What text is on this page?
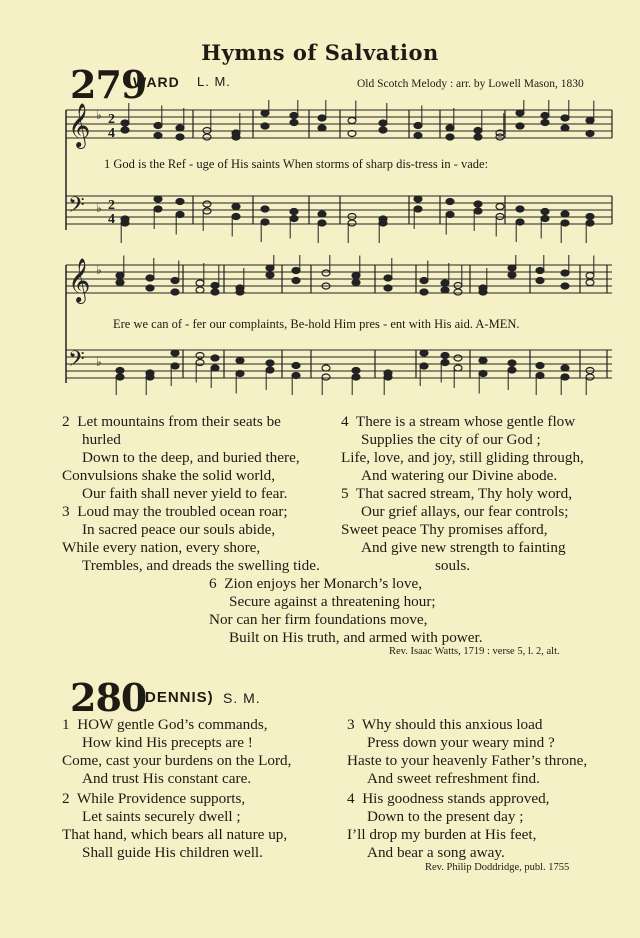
Hymns of Salvation
279
WARD L. M.	Old Scotch Melody : arr. by Lowell Mason, 1830
𝄞 ♭ 2
4
𝄢 ♭ 2
4
1 God is the Ref - uge of His saints When storms of sharp dis-tress in - vade:
𝄞 ♭
𝄢 ♭
Ere we can of - fer our complaints, Be-hold Him pres - ent with His aid. A-MEN.
2 Let mountains from their seats be
hurled
Down to the deep, and buried there,
Convulsions shake the solid world,
Our faith shall never yield to fear.
3 Loud may the troubled ocean roar;
In sacred peace our souls abide,
While every nation, every shore,
Trembles, and dreads the swelling tide.
4 There is a stream whose gentle flow
Supplies the city of our God ;
Life, love, and joy, still gliding through,
And watering our Divine abode.
5 That sacred stream, Thy holy word,
Our grief allays, our fear controls;
Sweet peace Thy promises afford,
And give new strength to fainting
souls.
6 Zion enjoys her Monarch’s love,
Secure against a threatening hour;
Nor can her firm foundations move,
Built on His truth, and armed with power.
Rev. Isaac Watts, 1719 : verse 5, l. 2, alt.
280
(DENNIS) S. M.
1 HOW gentle God’s commands,
How kind His precepts are !
Come, cast your burdens on the Lord,
And trust His constant care.
2 While Providence supports,
Let saints securely dwell ;
That hand, which bears all nature up,
Shall guide His children well.
3 Why should this anxious load
Press down your weary mind ?
Haste to your heavenly Father’s throne,
And sweet refreshment find.
4 His goodness stands approved,
Down to the present day ;
I’ll drop my burden at His feet,
And bear a song away.
Rev. Philip Doddridge, publ. 1755
